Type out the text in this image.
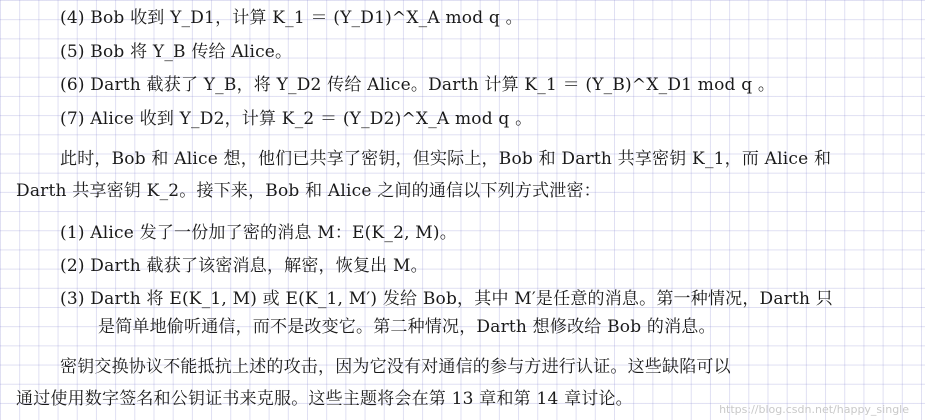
(4) Bob 收到 Y_D1，计算 K_1 ＝ (Y_D1)^X_A mod q 。
(5) Bob 将 Y_B 传给 Alice。
(6) Darth 截获了 Y_B，将 Y_D2 传给 Alice。Darth 计算 K_1 ＝ (Y_B)^X_D1 mod q 。
(7) Alice 收到 Y_D2，计算 K_2 ＝ (Y_D2)^X_A mod q 。
此时，Bob 和 Alice 想，他们已共享了密钥，但实际上，Bob 和 Darth 共享密钥 K_1，而 Alice 和
Darth 共享密钥 K_2。接下来，Bob 和 Alice 之间的通信以下列方式泄密：
(1) Alice 发了一份加了密的消息 M：E(K_2, M)。
(2) Darth 截获了该密消息，解密，恢复出 M。
(3) Darth 将 E(K_1, M) 或 E(K_1, M′) 发给 Bob，其中 M′是任意的消息。第一种情况，Darth 只
是简单地偷听通信，而不是改变它。第二种情况，Darth 想修改给 Bob 的消息。
密钥交换协议不能抵抗上述的攻击，因为它没有对通信的参与方进行认证。这些缺陷可以
通过使用数字签名和公钥证书来克服。这些主题将会在第 13 章和第 14 章讨论。
https://blog.csdn.net/happy_single
